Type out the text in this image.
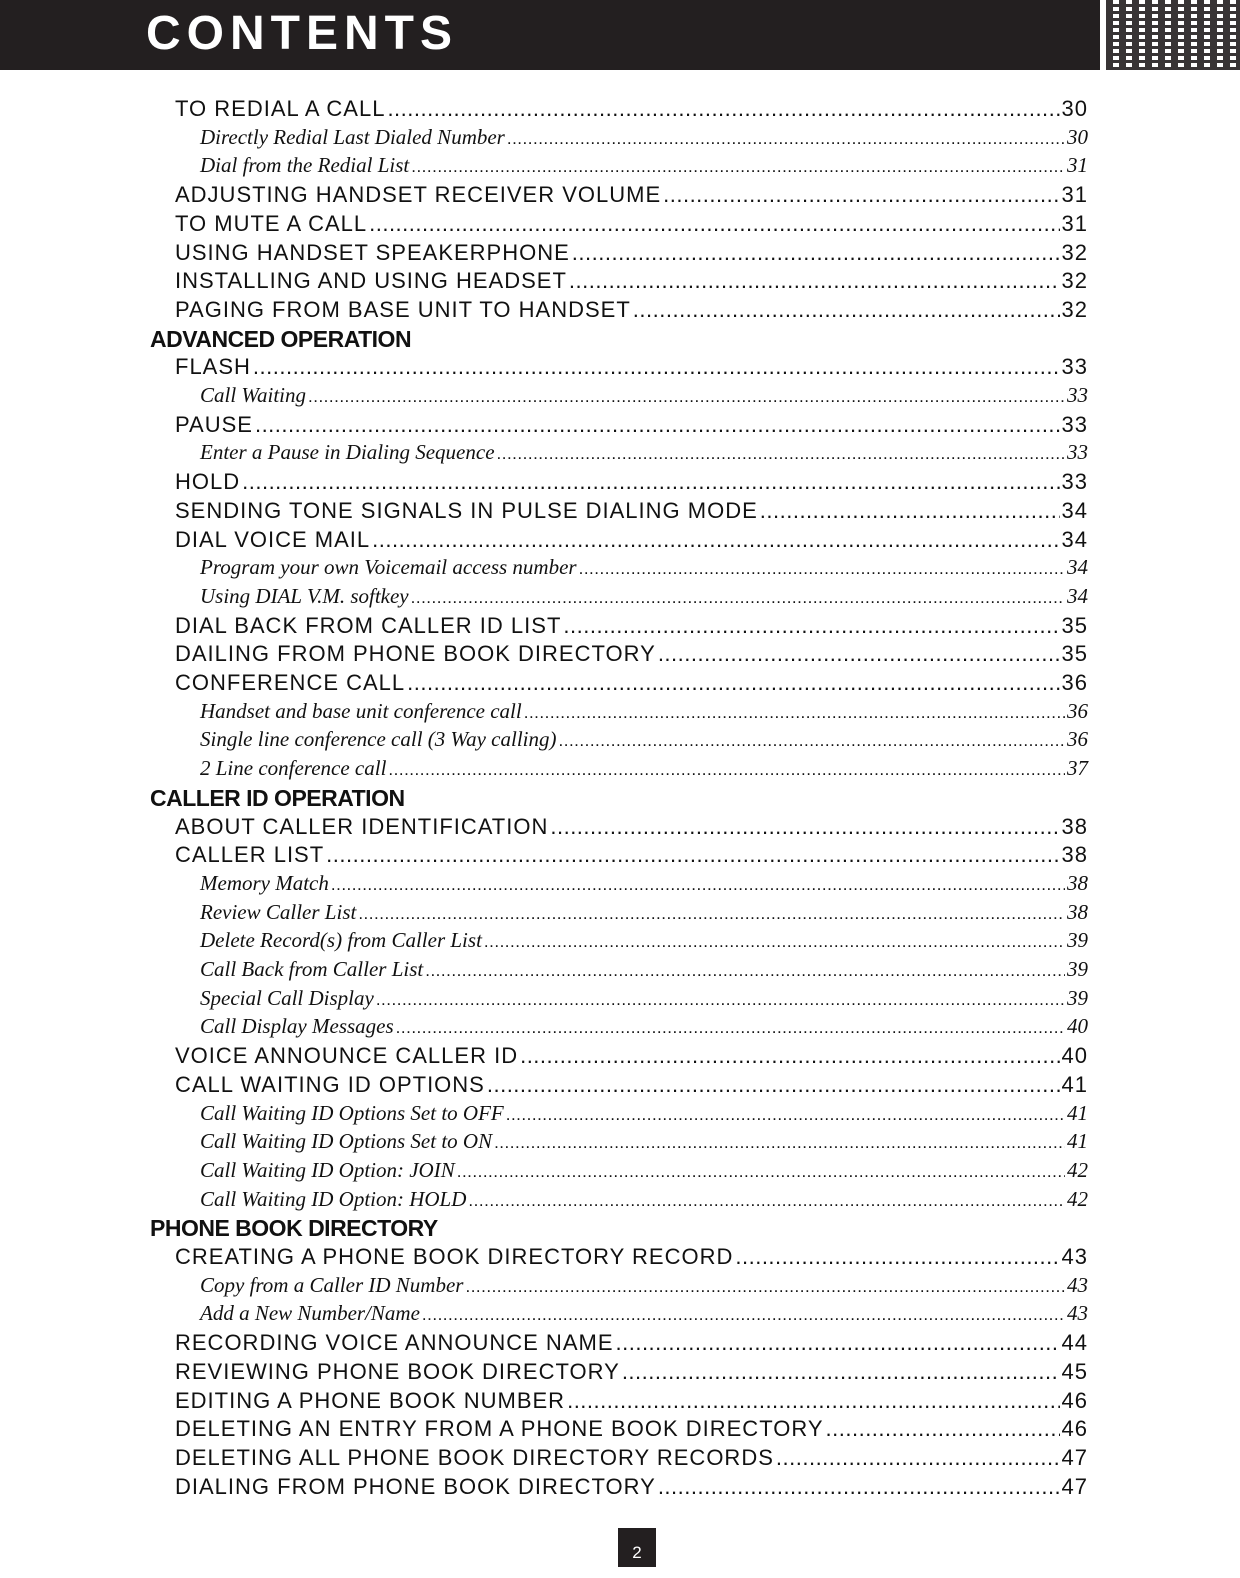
CONTENTS
TO REDIAL A CALL .....	30
Directly Redial Last Dialed Number .....	30
Dial from the Redial List .....	31
ADJUSTING HANDSET RECEIVER VOLUME .....	31
TO MUTE A CALL .....	31
USING HANDSET SPEAKERPHONE .....	32
INSTALLING AND USING HEADSET .....	32
PAGING FROM BASE UNIT TO HANDSET .....	32
ADVANCED OPERATION
FLASH .....	33
Call Waiting .....	33
PAUSE .....	33
Enter a Pause in Dialing Sequence .....	33
HOLD .....	33
SENDING TONE SIGNALS IN PULSE DIALING MODE .....	34
DIAL VOICE MAIL .....	34
Program your own Voicemail access number .....	34
Using DIAL V.M. softkey .....	34
DIAL BACK FROM CALLER ID LIST .....	35
DAILING FROM PHONE BOOK DIRECTORY .....	35
CONFERENCE CALL .....	36
Handset and base unit conference call .....	36
Single line conference call (3 Way calling) .....	36
2 Line conference call .....	37
CALLER ID OPERATION
ABOUT CALLER IDENTIFICATION .....	38
CALLER LIST .....	38
Memory Match .....	38
Review Caller List .....	38
Delete Record(s) from Caller List .....	39
Call Back from Caller List .....	39
Special Call Display .....	39
Call Display Messages .....	40
VOICE ANNOUNCE CALLER ID .....	40
CALL WAITING ID OPTIONS .....	41
Call Waiting ID Options Set to OFF .....	41
Call Waiting ID Options Set to ON .....	41
Call Waiting ID Option: JOIN .....	42
Call Waiting ID Option: HOLD .....	42
PHONE BOOK DIRECTORY
CREATING A PHONE BOOK DIRECTORY RECORD .....	43
Copy from a Caller ID Number .....	43
Add a New Number/Name .....	43
RECORDING VOICE ANNOUNCE NAME .....	44
REVIEWING PHONE BOOK DIRECTORY .....	45
EDITING A PHONE BOOK NUMBER .....	46
DELETING AN ENTRY FROM A PHONE BOOK DIRECTORY .....	46
DELETING ALL PHONE BOOK DIRECTORY RECORDS .....	47
DIALING FROM PHONE BOOK DIRECTORY .....	47
2
